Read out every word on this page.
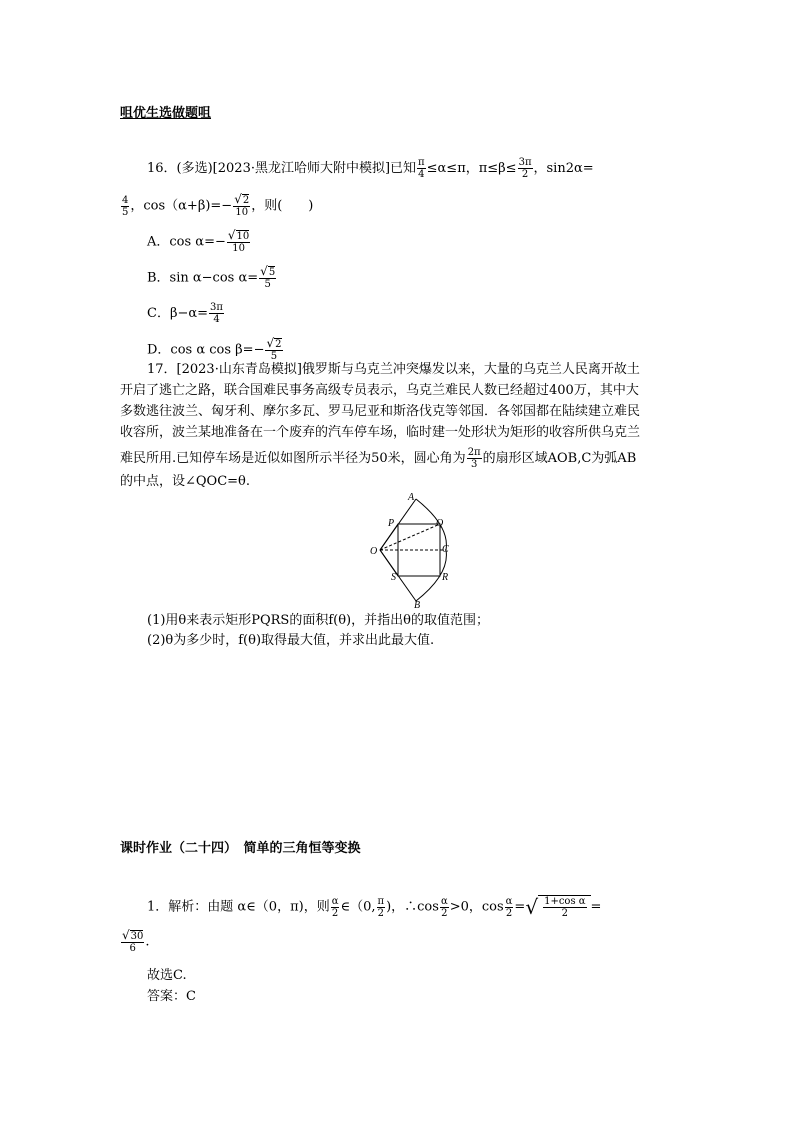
咀优生选做题咀
16．(多选)[2023·黑龙江哈师大附中模拟]已知 $\frac{\pi}{4} \le\alpha\le\pi$，$\pi\le\beta\le \frac{3\pi}{2}$ ，sin2α=
$\frac{4}{5}$ ，$\cos(\alpha+\beta)=- \frac{√2}{10}$ ，则(　　)
A．$\cos \alpha=- \frac{√10}{10}$
B．sin α−cos $\alpha= \frac{√5}{5}$
C．$\beta-\alpha= \frac{3\pi}{4}$
D．cos α $\cos \beta=- \frac{√2}{5}$
17．[2023·山东青岛模拟]俄罗斯与乌克兰冲突爆发以来，大量的乌克兰人民离开故土
开启了逃亡之路，联合国难民事务高级专员表示，乌克兰难民人数已经超过400万，其中大
多数逃往波兰、匈牙利、摩尔多瓦、罗马尼亚和斯洛伐克等邻国．各邻国都在陆续建立难民
收容所，波兰某地准备在一个废弃的汽车停车场，临时建一处形状为矩形的收容所供乌克兰
难民所用.已知停车场是近似如图所示半径为50米，圆心角为 $\frac{2\pi}{3}$ 的扇形区域AOB,C为弧AB
的中点，设∠QOC=θ.
A
P	Q
O	C
S	R
B
(1)用θ来表示矩形PQRS的面积f(θ)，并指出θ的取值范围；
(2)θ为多少时，f(θ)取得最大值，并求出此最大值.
课时作业（二十四）　简单的三角恒等变换
1．解析：由题 α∈（0，π)，则 $\frac{\alpha}{2}$ ∈（0, $\frac{\pi}{2}$ )，∴cos $\frac{\alpha}{2} >0$，$\cos \frac{\alpha}{2}$ =√ $\frac{\text{1+cos α}}{2}$ =
$\frac{√30}{6}$ .
故选C.
答案：C
